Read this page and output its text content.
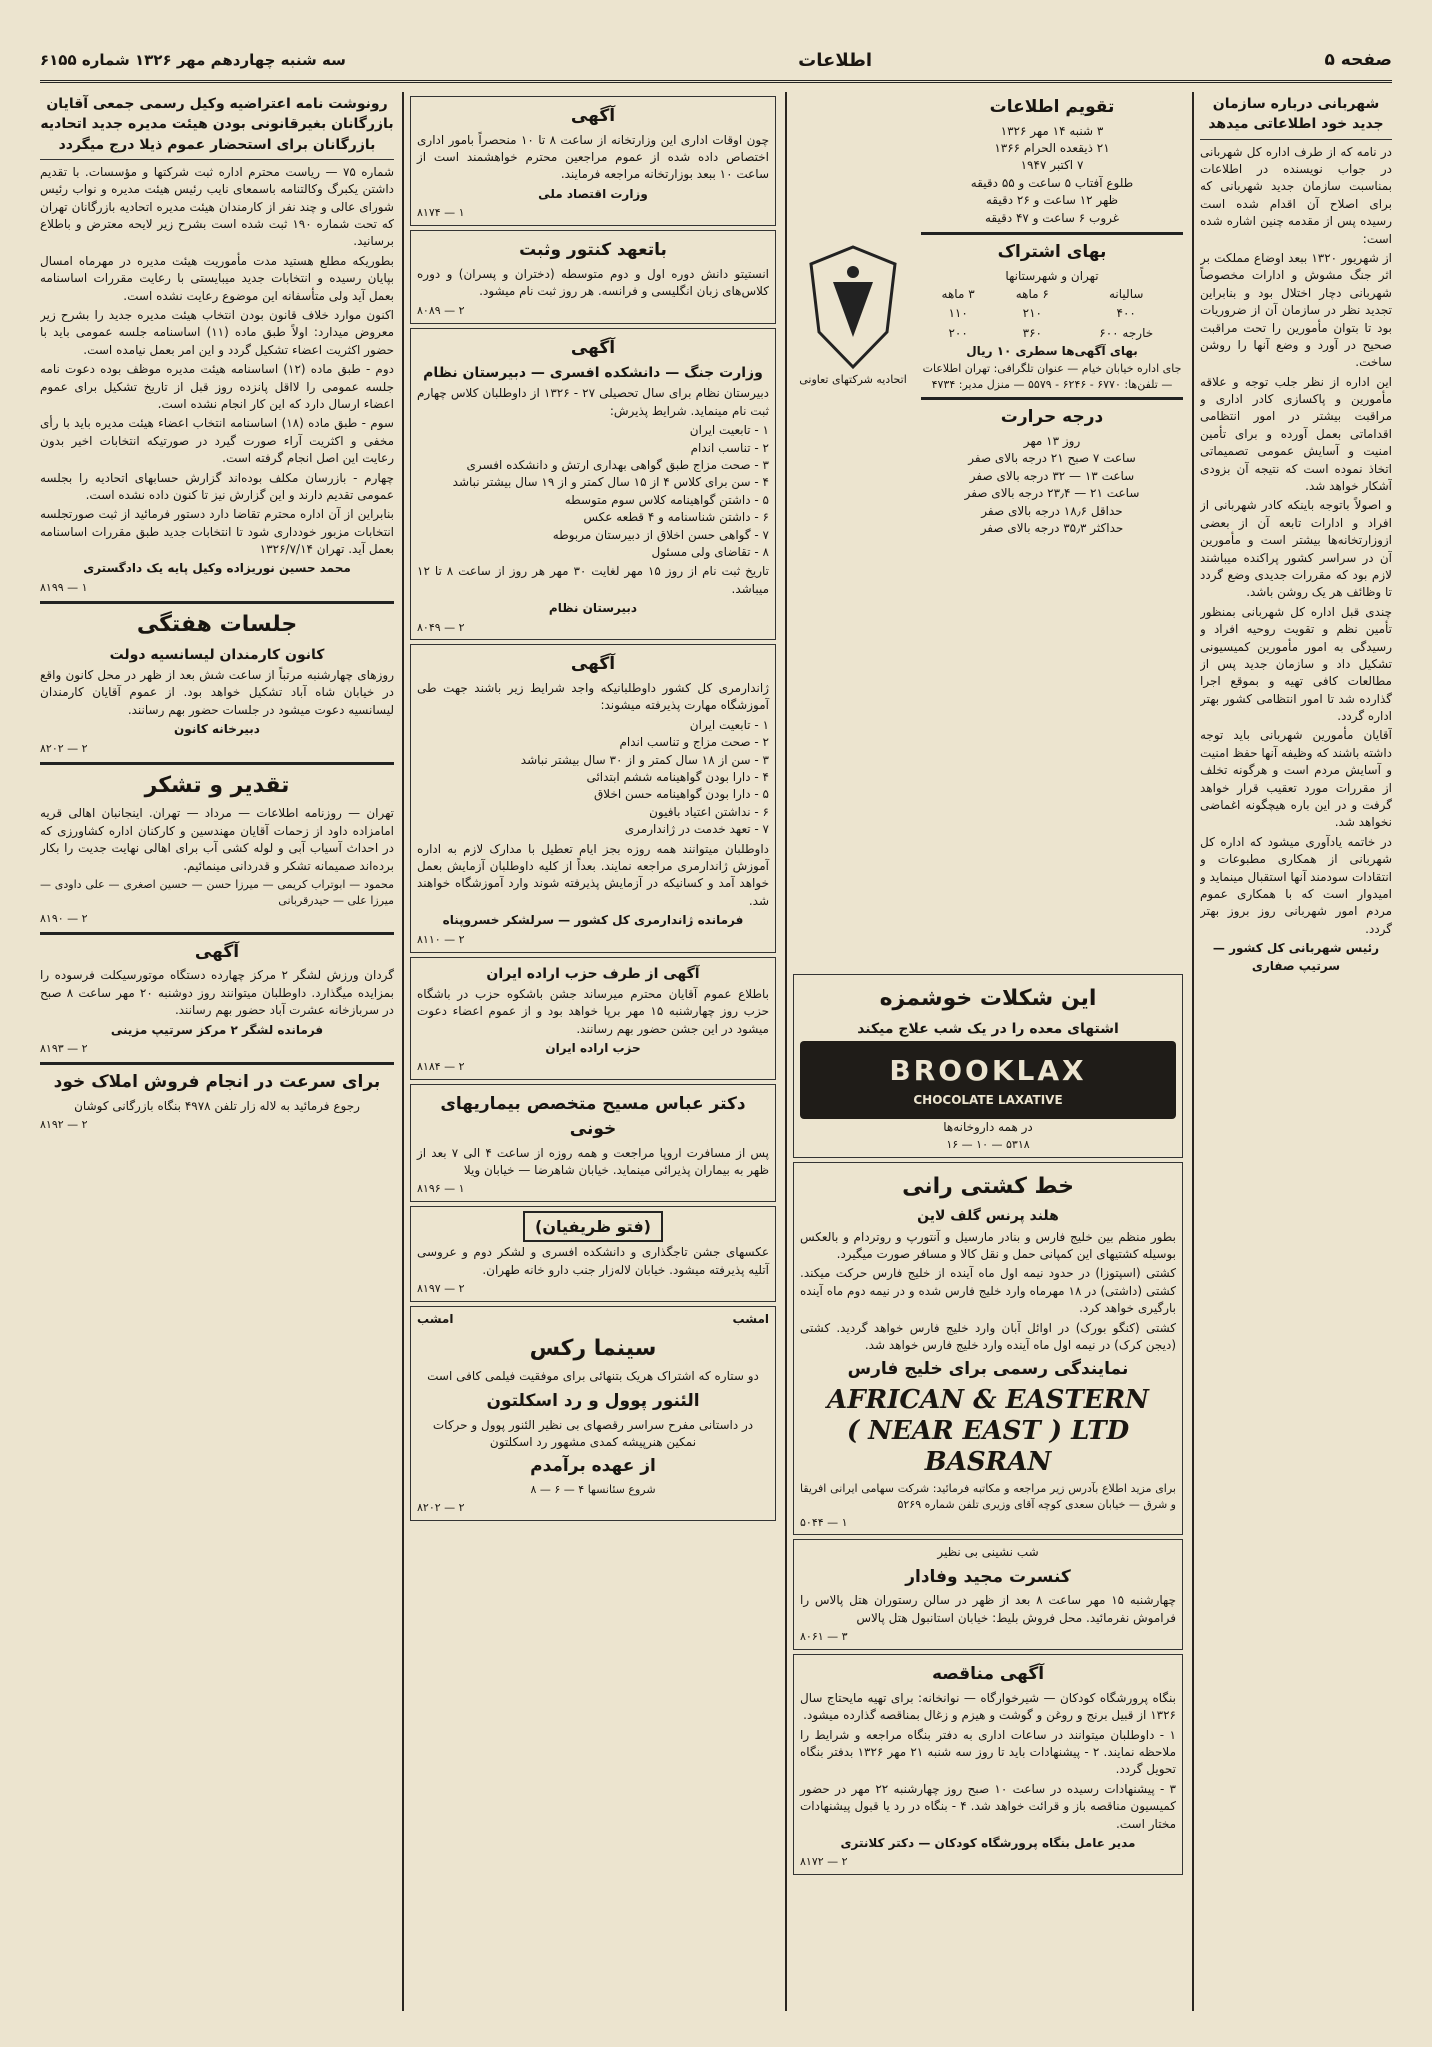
صفحه ۵
اطلاعات
سه شنبه چهاردهم مهر ۱۳۲۶ شماره ۶۱۵۵
شهربانی درباره سازمان جدید خود اطلاعاتی میدهد
در نامه که از طرف اداره کل شهربانی در جواب نویسنده در اطلاعات بمناسبت سازمان جدید شهربانی که برای اصلاح آن اقدام شده است رسیده پس از مقدمه چنین اشاره شده است:
از شهریور ۱۳۲۰ ببعد اوضاع مملکت بر اثر جنگ مشوش و ادارات مخصوصاً شهربانی دچار اختلال بود و بنابراین تجدید نظر در سازمان آن از ضروریات بود تا بتوان مأمورین را تحت مراقبت صحیح در آورد و وضع آنها را روشن ساخت.
این اداره از نظر جلب توجه و علاقه مأمورین و پاکسازی کادر اداری و مراقبت بیشتر در امور انتظامی اقداماتی بعمل آورده و برای تأمین امنیت و آسایش عمومی تصمیماتی اتخاذ نموده است که نتیجه آن بزودی آشکار خواهد شد.
و اصولاً باتوجه باینکه کادر شهربانی از افراد و ادارات تابعه آن از بعضی ازوزارتخانه‌ها بیشتر است و مأمورین آن در سراسر کشور پراکنده میباشند لازم بود که مقررات جدیدی وضع گردد تا وظائف هر یک روشن باشد.
چندی قبل اداره کل شهربانی بمنظور تأمین نظم و تقویت روحیه افراد و رسیدگی به امور مأمورین کمیسیونی تشکیل داد و سازمان جدید پس از مطالعات کافی تهیه و بموقع اجرا گذارده شد تا امور انتظامی کشور بهتر اداره گردد.
آقایان مأمورین شهربانی باید توجه داشته باشند که وظیفه آنها حفظ امنیت و آسایش مردم است و هرگونه تخلف از مقررات مورد تعقیب قرار خواهد گرفت و در این باره هیچگونه اغماضی نخواهد شد.
در خاتمه یادآوری میشود که اداره کل شهربانی از همکاری مطبوعات و انتقادات سودمند آنها استقبال مینماید و امیدوار است که با همکاری عموم مردم امور شهربانی روز بروز بهتر گردد.
رئیس شهربانی کل کشور — سرتیپ صفاری
تقویم اطلاعات
۳ شنبه ۱۴ مهر ۱۳۲۶
۲۱ ذیقعده الحرام ۱۳۶۶
۷ اکتبر ۱۹۴۷
طلوع آفتاب ۵ ساعت و ۵۵ دقیقه
ظهر ۱۲ ساعت و ۲۶ دقیقه
غروب ۶ ساعت و ۴۷ دقیقه
بهای اشتراک
تهران و شهرستانها
سالیانه	۶ ماهه	۳ ماهه
۴۰۰	۲۱۰	۱۱۰
خارجه ۶۰۰	۳۶۰	۲۰۰
بهای آگهی‌ها سطری ۱۰ ریال
جای اداره خیابان خیام — عنوان تلگرافی: تهران اطلاعات — تلفن‌ها: ۶۷۷۰ - ۶۲۴۶ - ۵۵۷۹ — منزل مدیر: ۴۷۳۴
درجه حرارت
روز ۱۳ مهر
ساعت ۷ صبح ۲۱ درجه بالای صفر
ساعت ۱۳ — ۳۲ درجه بالای صفر
ساعت ۲۱ — ۲۳٫۴ درجه بالای صفر
حداقل ۱۸٫۶ درجه بالای صفر
حداکثر ۳۵٫۳ درجه بالای صفر
اتحادیه شرکتهای تعاونی
این شکلات خوشمزه
اشتهای معده را در یک شب علاج میکند
BROOKLAX
CHOCOLATE LAXATIVE
در همه داروخانه‌ها
۵۳۱۸ — ۱۰ — ۱۶
خط کشتی رانی
هلند پرنس گلف لاین
بطور منظم بین خلیج فارس و بنادر مارسیل و آنتورپ و روتردام و بالعکس بوسیله کشتیهای این کمپانی حمل و نقل کالا و مسافر صورت میگیرد.
کشتی (اسپتوزا) در حدود نیمه اول ماه آینده از خلیج فارس حرکت میکند. کشتی (داشتی) در ۱۸ مهرماه وارد خلیج فارس شده و در نیمه دوم ماه آینده بارگیری خواهد کرد.
کشتی (کنگو بورک) در اوائل آبان وارد خلیج فارس خواهد گردید. کشتی (دیجن کرک) در نیمه اول ماه آینده وارد خلیج فارس خواهد شد.
نمایندگی رسمی برای خلیج فارس
AFRICAN & EASTERN
( NEAR EAST ) LTD
BASRAN
برای مزید اطلاع بآدرس زیر مراجعه و مکاتبه فرمائید: شرکت سهامی ایرانی افریقا و شرق — خیابان سعدی کوچه آقای وزیری تلفن شماره ۵۲۶۹
۵۰۴۴ — ۱
شب نشینی بی نظیر
کنسرت مجید وفادار
چهارشنبه ۱۵ مهر ساعت ۸ بعد از ظهر در سالن رستوران هتل پالاس را فراموش نفرمائید. محل فروش بلیط: خیابان استانبول هتل پالاس
۸۰۶۱ — ۳
آگهی مناقصه
بنگاه پرورشگاه کودکان — شیرخوارگاه — نوانخانه: برای تهیه مایحتاج سال ۱۳۲۶ از قبیل برنج و روغن و گوشت و هیزم و زغال بمناقصه گذارده میشود.
۱ - داوطلبان میتوانند در ساعات اداری به دفتر بنگاه مراجعه و شرایط را ملاحظه نمایند. ۲ - پیشنهادات باید تا روز سه شنبه ۲۱ مهر ۱۳۲۶ بدفتر بنگاه تحویل گردد.
۳ - پیشنهادات رسیده در ساعت ۱۰ صبح روز چهارشنبه ۲۲ مهر در حضور کمیسیون مناقصه باز و قرائت خواهد شد. ۴ - بنگاه در رد یا قبول پیشنهادات مختار است.
مدیر عامل بنگاه پرورشگاه کودکان — دکتر کلانتری
۸۱۷۲ — ۲
آگهی
چون اوقات اداری این وزارتخانه از ساعت ۸ تا ۱۰ منحصراً بامور اداری اختصاص داده شده از عموم مراجعین محترم خواهشمند است از ساعت ۱۰ ببعد بوزارتخانه مراجعه فرمایند.
وزارت اقتصاد ملی
۸۱۷۴ — ۱
باتعهد کنتور وثبت
انستیتو دانش دوره اول و دوم متوسطه (دختران و پسران) و دوره کلاس‌های زبان انگلیسی و فرانسه. هر روز ثبت نام میشود.
۸۰۸۹ — ۲
آگهی
وزارت جنگ — دانشکده افسری — دبیرستان نظام
دبیرستان نظام برای سال تحصیلی ۲۷ - ۱۳۲۶ از داوطلبان کلاس چهارم ثبت نام مینماید. شرایط پذیرش:
۱ - تابعیت ایران
۲ - تناسب اندام
۳ - صحت مزاج طبق گواهی بهداری ارتش و دانشکده افسری
۴ - سن برای کلاس ۴ از ۱۵ سال کمتر و از ۱۹ سال بیشتر نباشد
۵ - داشتن گواهینامه کلاس سوم متوسطه
۶ - داشتن شناسنامه و ۴ قطعه عکس
۷ - گواهی حسن اخلاق از دبیرستان مربوطه
۸ - تقاضای ولی مسئول
تاریخ ثبت نام از روز ۱۵ مهر لغایت ۳۰ مهر هر روز از ساعت ۸ تا ۱۲ میباشد.
دبیرستان نظام
۸۰۴۹ — ۲
آگهی
ژاندارمری کل کشور داوطلبانیکه واجد شرایط زیر باشند جهت طی آموزشگاه مهارت پذیرفته میشوند:
۱ - تابعیت ایران
۲ - صحت مزاج و تناسب اندام
۳ - سن از ۱۸ سال کمتر و از ۳۰ سال بیشتر نباشد
۴ - دارا بودن گواهینامه ششم ابتدائی
۵ - دارا بودن گواهینامه حسن اخلاق
۶ - نداشتن اعتیاد بافیون
۷ - تعهد خدمت در ژاندارمری
داوطلبان میتوانند همه روزه بجز ایام تعطیل با مدارک لازم به اداره آموزش ژاندارمری مراجعه نمایند. بعداً از کلیه داوطلبان آزمایش بعمل خواهد آمد و کسانیکه در آزمایش پذیرفته شوند وارد آموزشگاه خواهند شد.
فرمانده ژاندارمری کل کشور — سرلشکر خسروپناه
۸۱۱۰ — ۲
آگهی از طرف حزب اراده ایران
باطلاع عموم آقایان محترم میرساند جشن باشکوه حزب در باشگاه حزب روز چهارشنبه ۱۵ مهر برپا خواهد بود و از عموم اعضاء دعوت میشود در این جشن حضور بهم رسانند.
حزب اراده ایران
۸۱۸۴ — ۲
دکتر عباس مسیح متخصص بیماریهای خونی
پس از مسافرت اروپا مراجعت و همه روزه از ساعت ۴ الی ۷ بعد از ظهر به بیماران پذیرائی مینماید. خیابان شاهرضا — خیابان ویلا
۸۱۹۶ — ۱
(فتو ظریفیان)
عکسهای جشن تاجگذاری و دانشکده افسری و لشکر دوم و عروسی آتلیه پذیرفته میشود. خیابان لاله‌زار جنب دارو خانه طهران.
۸۱۹۷ — ۲
امشب
امشب
سینما رکس
دو ستاره که اشتراک هریک بتنهائی برای موفقیت فیلمی کافی است
الئنور پوول و رد اسکلتون
در داستانی مفرح سراسر رقصهای بی نظیر الئنور پوول و حرکات نمکین هنرپیشه کمدی مشهور رد اسکلتون
از عهده برآمدم
شروع سئانسها ۴ — ۶ — ۸
۸۲۰۲ — ۲
رونوشت نامه اعتراضیه وکیل رسمی جمعی آقایان بازرگانان بغیرقانونی بودن هیئت مدیره جدید اتحادیه بازرگانان برای استحضار عموم ذیلا درج میگردد
شماره ۷۵ — ریاست محترم اداره ثبت شرکتها و مؤسسات. با تقدیم داشتن یکبرگ وکالتنامه باسمعای نایب رئیس هیئت مدیره و نواب رئیس شورای عالی و چند نفر از کارمندان هیئت مدیره اتحادیه بازرگانان تهران که تحت شماره ۱۹۰ ثبت شده است بشرح زیر لایحه معترض و باطلاع برسانید.
بطوریکه مطلع هستید مدت مأموریت هیئت مدیره در مهرماه امسال بپایان رسیده و انتخابات جدید میبایستی با رعایت مقررات اساسنامه بعمل آید ولی متأسفانه این موضوع رعایت نشده است.
اکنون موارد خلاف قانون بودن انتخاب هیئت مدیره جدید را بشرح زیر معروض میدارد: اولاً طبق ماده (۱۱) اساسنامه جلسه عمومی باید با حضور اکثریت اعضاء تشکیل گردد و این امر بعمل نیامده است.
دوم - طبق ماده (۱۲) اساسنامه هیئت مدیره موظف بوده دعوت نامه جلسه عمومی را لااقل پانزده روز قبل از تاریخ تشکیل برای عموم اعضاء ارسال دارد که این کار انجام نشده است.
سوم - طبق ماده (۱۸) اساسنامه انتخاب اعضاء هیئت مدیره باید با رأی مخفی و اکثریت آراء صورت گیرد در صورتیکه انتخابات اخیر بدون رعایت این اصل انجام گرفته است.
چهارم - بازرسان مکلف بوده‌اند گزارش حسابهای اتحادیه را بجلسه عمومی تقدیم دارند و این گزارش نیز تا کنون داده نشده است.
بنابراین از آن اداره محترم تقاضا دارد دستور فرمائید از ثبت صورتجلسه انتخابات مزبور خودداری شود تا انتخابات جدید طبق مقررات اساسنامه بعمل آید. تهران ۱۳۲۶/۷/۱۴
محمد حسین نوریزاده وکیل پایه یک دادگستری
۸۱۹۹ — ۱
جلسات هفتگی
کانون کارمندان لیسانسیه دولت
روزهای چهارشنبه مرتباً از ساعت شش بعد از ظهر در محل کانون واقع در خیابان شاه آباد تشکیل خواهد بود. از عموم آقایان کارمندان لیسانسیه دعوت میشود در جلسات حضور بهم رسانند.
دبیرخانه کانون
۸۲۰۲ — ۲
تقدیر و تشکر
تهران — روزنامه اطلاعات — مرداد — تهران. اینجانبان اهالی قریه امامزاده داود از زحمات آقایان مهندسین و کارکنان اداره کشاورزی که در احداث آسیاب آبی و لوله کشی آب برای اهالی نهایت جدیت را بکار برده‌اند صمیمانه تشکر و قدردانی مینمائیم.
محمود — ابوتراب کریمی — میرزا حسن — حسین اصغری — علی داودی — میرزا علی — حیدرقربانی
۸۱۹۰ — ۲
آگهی
گردان ورزش لشگر ۲ مرکز چهارده دستگاه موتورسیکلت فرسوده را بمزایده میگذارد. داوطلبان میتوانند روز دوشنبه ۲۰ مهر ساعت ۸ صبح در سربازخانه عشرت آباد حضور بهم رسانند.
فرمانده لشگر ۲ مرکز سرتیپ مزینی
۸۱۹۳ — ۲
برای سرعت در انجام فروش املاک خود
رجوع فرمائید به لاله زار تلفن ۴۹۷۸ بنگاه بازرگانی کوشان
۸۱۹۲ — ۲
